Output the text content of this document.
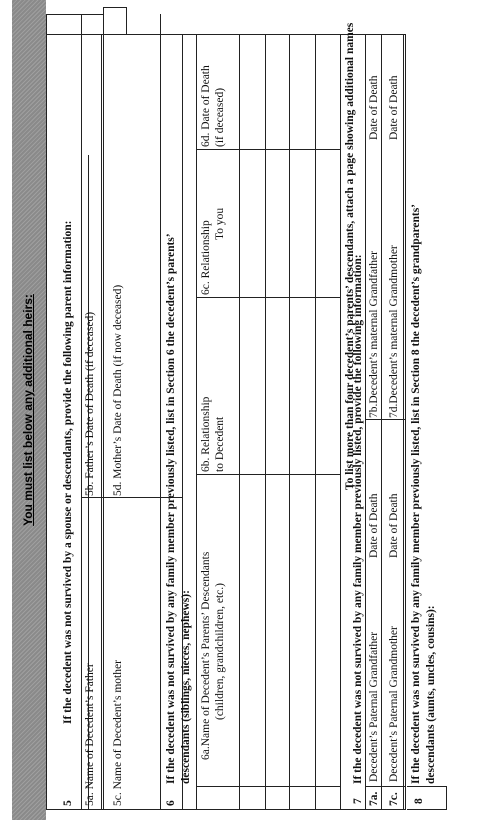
You must list below any additional heirs:
5
If the decedent was not survived by a spouse or descendants, provide the following parent information:
5a. Name of Decedent’s Father
5b. Father’s Date of Death (if deceased)
5c. Name of Decedent’s mother
5d. Mother’s Date of Death (if now deceased)
6
If the decedent was not survived by any family member previously listed, list in Section 6 the decedent’s parents’ descendants (siblings, nieces, nephews): 6a.Name of Decedent’s Parents’ Descendants (children, grandchildren, etc.)
6b. Relationship to Decedent
6c. Relationship To you
6d. Date of Death (if deceased)	To list more than four decedent’s parents’ descendants, attach a page showing additional names
7
If the decedent was not survived by any family member previously listed, provide the following information:
7a.
Decedent’s Paternal Grandfather
Date of Death
7b.Decedent’s maternal Grandfather
Date of Death
7c.
Decedent’s Paternal Grandmother
Date of Death
7d.Decedent’s maternal Grandmother
Date of Death
8
If the decedent was not survived by any family member previously listed, list in Section 8 the decedent’s grandparents’ descendants (aunts, uncles, cousins):
